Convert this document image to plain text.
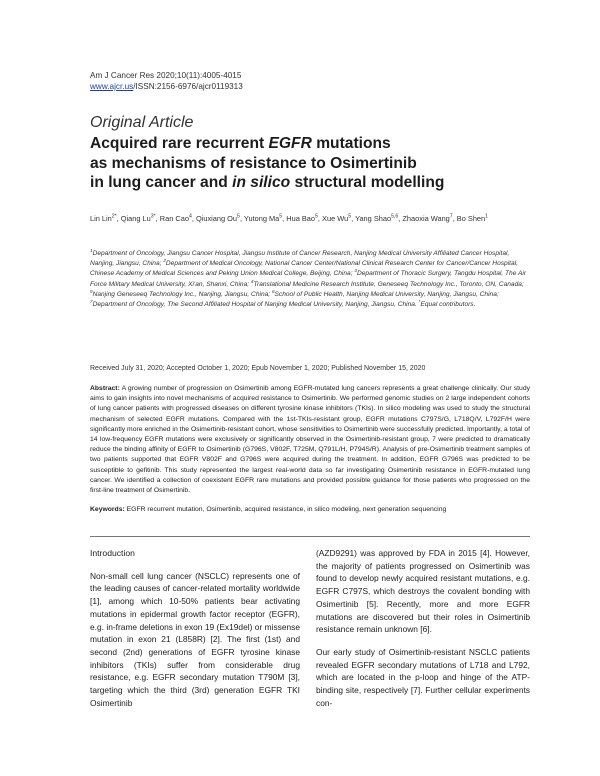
Am J Cancer Res 2020;10(11):4005-4015
www.ajcr.us/ISSN:2156-6976/ajcr0119313
Original Article
Acquired rare recurrent EGFR mutations
as mechanisms of resistance to Osimertinib
in lung cancer and in silico structural modelling
Lin Lin$^{2*}$, Qiang $Lu^{3*}$, Ran Cao$^4$, Qiuxiang Ou$^5$, Yutong Ma$^5$, Hua Bao$^5$, Xue Wu$^5$, Yang Shao$^{5,6}$, Zhaoxia Wang$^7$, Bo Shen$^1$
$^1$Department of Oncology, Jiangsu Cancer Hospital, Jiangsu Institute of Cancer Research, Nanjing Medical University Affiliated Cancer Hospital, Nanjing, Jiangsu, China; $^2$Department of Medical Oncology, National Cancer Center/National Clinical Research Center for Cancer/Cancer Hospital, Chinese Academy of Medical Sciences and Peking Union Medical College, Beijing, China; $^3$Department of Thoracic Surgery, Tangdu Hospital, The Air Force Military Medical University, Xi'an, Shanxi, China; $^4$Translational Medicine Research Institute, Geneseeq Technology Inc., Toronto, ON, Canada; $^5$Nanjing Geneseeq Technology Inc., Nanjing, Jiangsu, China; $^6$School of Public Health, Nanjing Medical University, Nanjing, Jiangsu, China; $^7$Department of Oncology, The Second Affiliated Hospital of Nanjing Medical University, Nanjing, Jiangsu, China. *Equal contributors.
Received July 31, 2020; Accepted October 1, 2020; Epub November 1, 2020; Published November 15, 2020
Abstract: A growing number of progression on Osimertinib among EGFR-mutated lung cancers represents a great challenge clinically. Our study aims to gain insights into novel mechanisms of acquired resistance to Osimertinib. We performed genomic studies on 2 large independent cohorts of lung cancer patients with progressed diseases on different tyrosine kinase inhibitors (TKIs). In silico modeling was used to study the structural mechanism of selected EGFR mutations. Compared with the 1st-TKIs-resistant group, EGFR mutations C797S/G, L718Q/V, L792F/H were significantly more enriched in the Osimertinib-resistant cohort, whose sensitivities to Osimertinib were successfully predicted. Importantly, a total of 14 low-frequency EGFR mutations were exclusively or significantly observed in the Osimertinib-resistant group, 7 were predicted to dramatically reduce the binding affinity of EGFR to Osimertinib (G796S, V802F, T725M, Q791L/H, P794S/R). Analysis of pre-Osimertinib treatment samples of two patients supported that EGFR V802F and G796S were acquired during the treatment. In addition, EGFR G796S was predicted to be susceptible to gefitinib. This study represented the largest real-world data so far investigating Osimertinib resistance in EGFR-mutated lung cancer. We identified a collection of coexistent EGFR rare mutations and provided possible guidance for those patients who progressed on the first-line treatment of Osimertinib.
Keywords: EGFR recurrent mutation, Osimertinib, acquired resistance, in silico modeling, next generation sequencing
Introduction

Non-small cell lung cancer (NSCLC) represents one of the leading causes of cancer-related mortality worldwide [1], among which 10-50% patients bear activating mutations in epidermal growth factor receptor (EGFR), e.g. in-frame deletions in exon 19 (Ex19del) or missense mutation in exon 21 (L858R) [2]. The first (1st) and second (2nd) generations of EGFR tyrosine kinase inhibitors (TKIs) suffer from considerable drug resistance, e.g. EGFR secondary mutation T790M [3], targeting which the third (3rd) generation EGFR TKI Osimertinib

(AZD9291) was approved by FDA in 2015 [4]. However, the majority of patients progressed on Osimertinib was found to develop newly acquired resistant mutations, e.g. EGFR C797S, which destroys the covalent bonding with Osimertinib [5]. Recently, more and more EGFR mutations are discovered but their roles in Osimertinib resistance remain unknown [6].

Our early study of Osimertinib-resistant NSCLC patients revealed EGFR secondary mutations of L718 and L792, which are located in the p-loop and hinge of the ATP-binding site, respectively [7]. Further cellular experiments con-
